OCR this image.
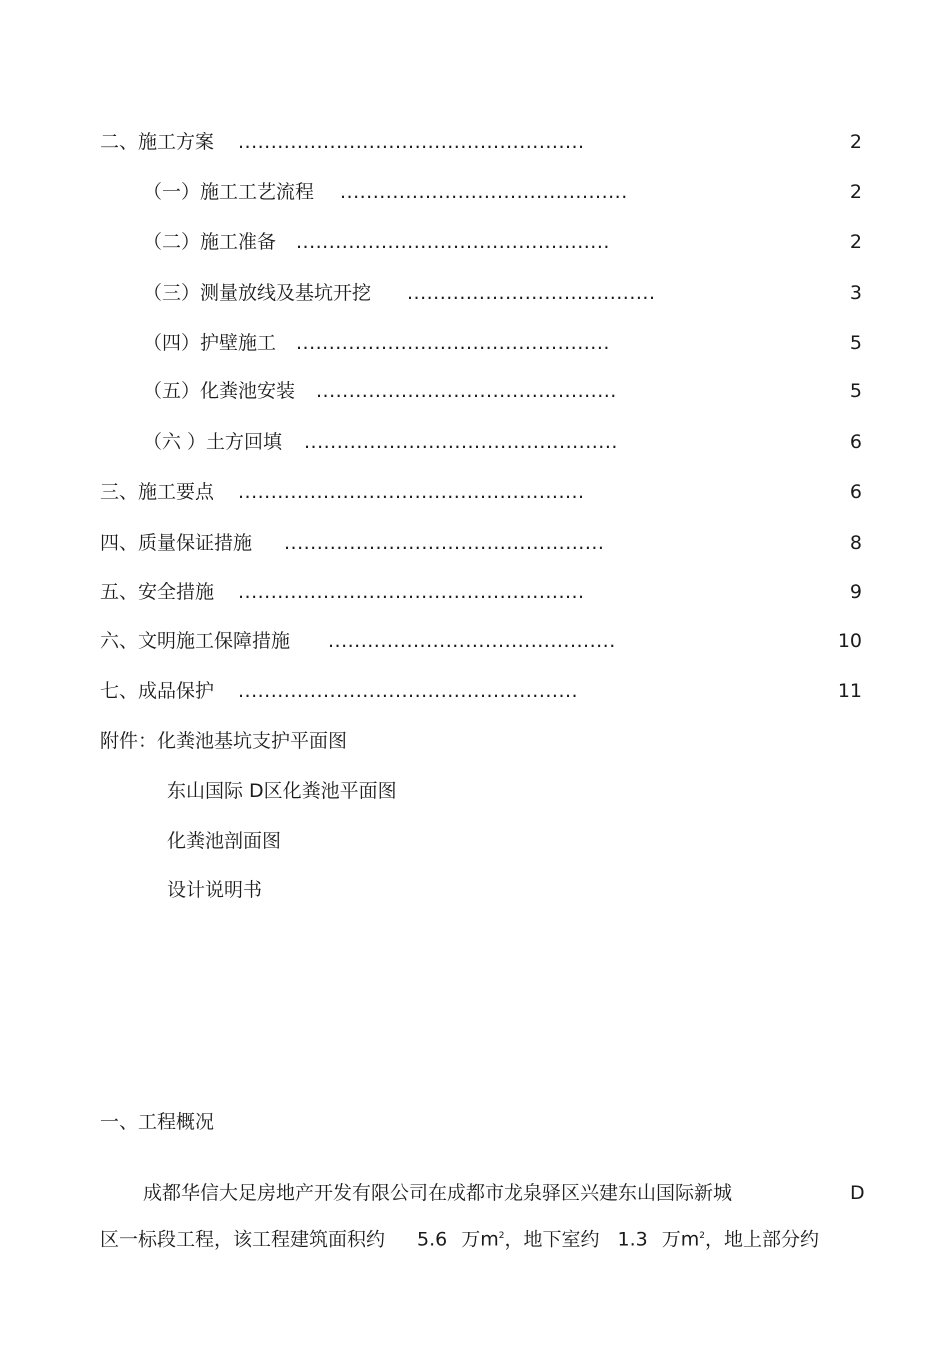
二、施工方案 .....................................................	2
（一）施工工艺流程 ............................................	2
（二）施工准备 ................................................	2
（三）测量放线及基坑开挖 ......................................	3
（四）护壁施工 ................................................	5
（五）化粪池安装 ..............................................	5
（六 ）土方回填 ................................................	6
三、施工要点 .....................................................	6
四、质量保证措施 .................................................	8
五、安全措施 .....................................................	9
六、文明施工保障措施 ............................................	10
七、成品保护 ....................................................	11
附件：化粪池基坑支护平面图
东山国际 D区化粪池平面图
化粪池剖面图
设计说明书
一、工程概况
成都华信大足房地产开发有限公司在成都市龙泉驿区兴建东山国际新城	D
区一标段工程，该工程建筑面积约 5.6 万$m^2$，地下室约 1.3 万$m^2$，地上部分约
